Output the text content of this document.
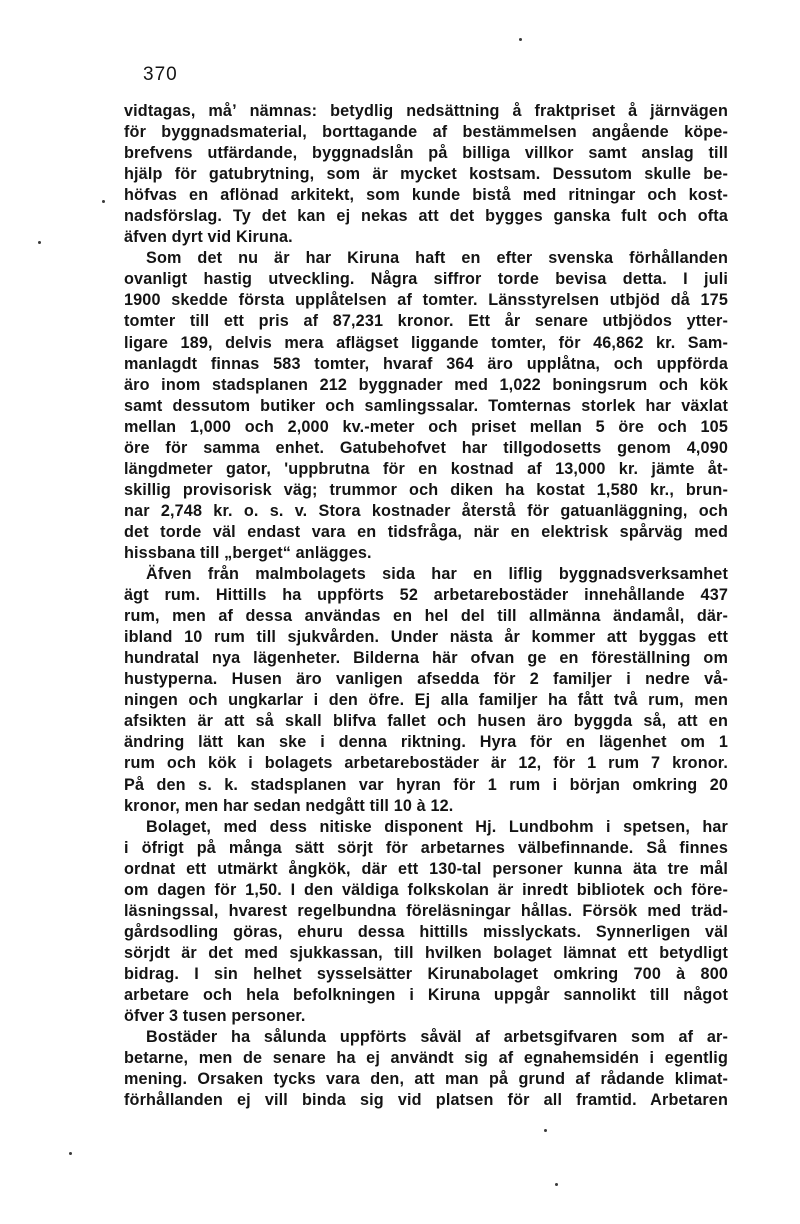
370
vidtagas, måʼ nämnas: betydlig nedsättning å fraktpriset å järnvägen
för byggnadsmaterial, borttagande af bestämmelsen angående köpe-
brefvens utfärdande, byggnadslån på billiga villkor samt anslag till
hjälp för gatubrytning, som är mycket kostsam. Dessutom skulle be-
höfvas en aflönad arkitekt, som kunde bistå med ritningar och kost-
nadsförslag. Ty det kan ej nekas att det bygges ganska fult och ofta
äfven dyrt vid Kiruna.
Som det nu är har Kiruna haft en efter svenska förhållanden
ovanligt hastig utveckling. Några siffror torde bevisa detta. I juli
1900 skedde första upplåtelsen af tomter. Länsstyrelsen utbjöd då 175
tomter till ett pris af 87,231 kronor. Ett år senare utbjödos ytter-
ligare 189, delvis mera aflägset liggande tomter, för 46,862 kr. Sam-
manlagdt finnas 583 tomter, hvaraf 364 äro upplåtna, och uppförda
äro inom stadsplanen 212 byggnader med 1,022 boningsrum och kök
samt dessutom butiker och samlingssalar. Tomternas storlek har växlat
mellan 1,000 och 2,000 kv.-meter och priset mellan 5 öre och 105
öre för samma enhet. Gatubehofvet har tillgodosetts genom 4,090
längdmeter gator, 'uppbrutna för en kostnad af 13,000 kr. jämte åt-
skillig provisorisk väg; trummor och diken ha kostat 1,580 kr., brun-
nar 2,748 kr. o. s. v. Stora kostnader återstå för gatuanläggning, och
det torde väl endast vara en tidsfråga, när en elektrisk spårväg med
hissbana till „berget“ anlägges.
Äfven från malmbolagets sida har en liflig byggnadsverksamhet
ägt rum. Hittills ha uppförts 52 arbetarebostäder innehållande 437
rum, men af dessa användas en hel del till allmänna ändamål, där-
ibland 10 rum till sjukvården. Under nästa år kommer att byggas ett
hundratal nya lägenheter. Bilderna här ofvan ge en föreställning om
hustyperna. Husen äro vanligen afsedda för 2 familjer i nedre vå-
ningen och ungkarlar i den öfre. Ej alla familjer ha fått två rum, men
afsikten är att så skall blifva fallet och husen äro byggda så, att en
ändring lätt kan ske i denna riktning. Hyra för en lägenhet om 1
rum och kök i bolagets arbetarebostäder är 12, för 1 rum 7 kronor.
På den s. k. stadsplanen var hyran för 1 rum i början omkring 20
kronor, men har sedan nedgått till 10 à 12.
Bolaget, med dess nitiske disponent Hj. Lundbohm i spetsen, har
i öfrigt på många sätt sörjt för arbetarnes välbefinnande. Så finnes
ordnat ett utmärkt ångkök, där ett 130-tal personer kunna äta tre mål
om dagen för 1,50. I den väldiga folkskolan är inredt bibliotek och före-
läsningssal, hvarest regelbundna föreläsningar hållas. Försök med träd-
gårdsodling göras, ehuru dessa hittills misslyckats. Synnerligen väl
sörjdt är det med sjukkassan, till hvilken bolaget lämnat ett betydligt
bidrag. I sin helhet sysselsätter Kirunabolaget omkring 700 à 800
arbetare och hela befolkningen i Kiruna uppgår sannolikt till något
öfver 3 tusen personer.
Bostäder ha sålunda uppförts såväl af arbetsgifvaren som af ar-
betarne, men de senare ha ej användt sig af egnahemsidén i egentlig
mening. Orsaken tycks vara den, att man på grund af rådande klimat-
förhållanden ej vill binda sig vid platsen för all framtid. Arbetaren
